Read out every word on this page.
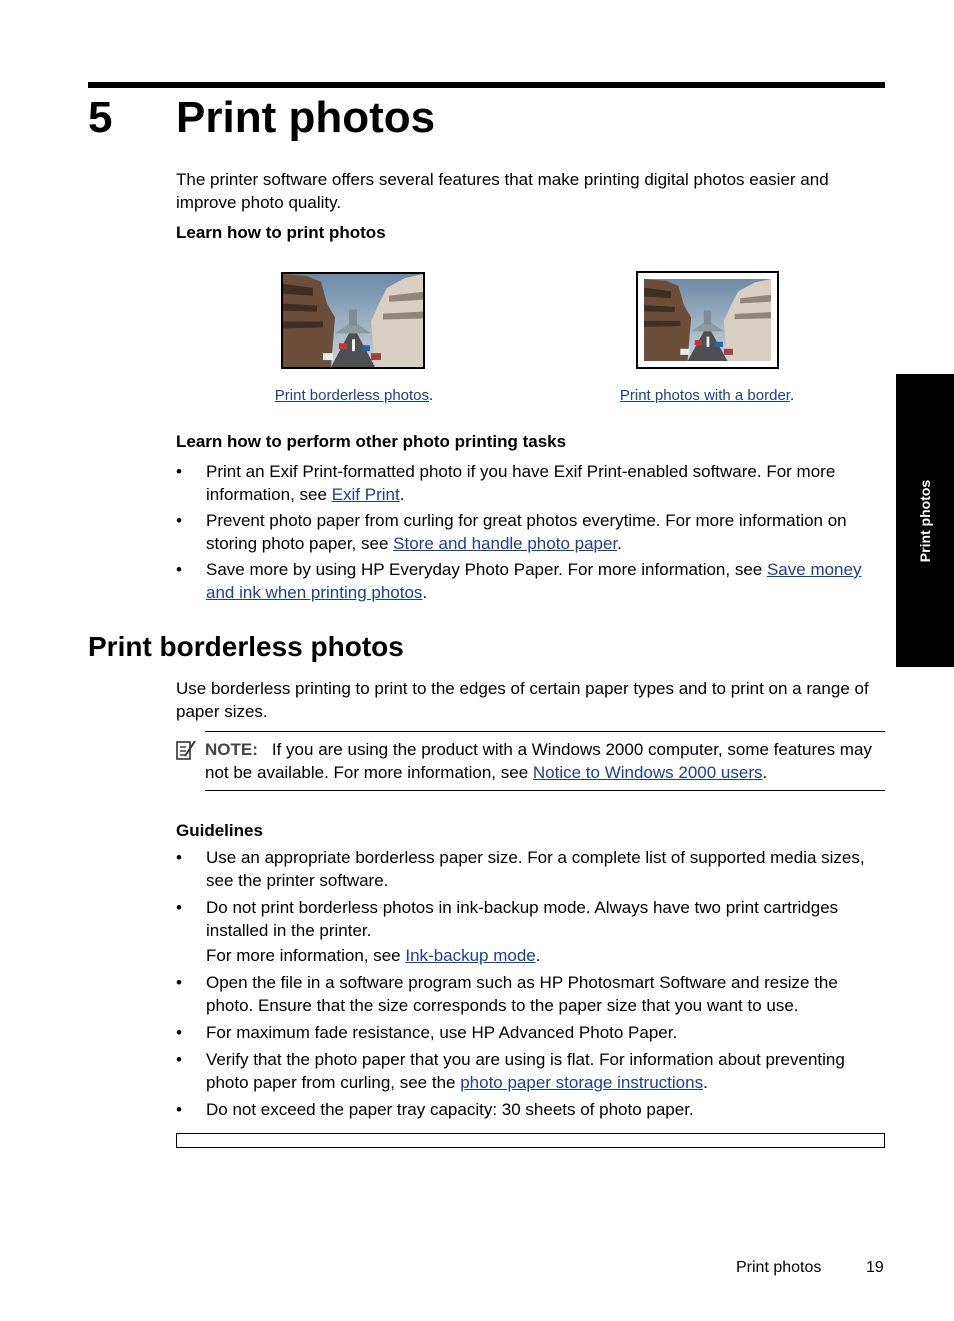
5 Print photos
The printer software offers several features that make printing digital photos easier and improve photo quality.
Learn how to print photos
Print borderless photos.	Print photos with a border.
Learn how to perform other photo printing tasks
• Print an Exif Print-formatted photo if you have Exif Print-enabled software. For more information, see Exif Print.
• Prevent photo paper from curling for great photos everytime. For more information on storing photo paper, see Store and handle photo paper.
• Save more by using HP Everyday Photo Paper. For more information, see Save money and ink when printing photos.
Print borderless photos
Use borderless printing to print to the edges of certain paper types and to print on a range of paper sizes.
NOTE: If you are using the product with a Windows 2000 computer, some features may not be available. For more information, see Notice to Windows 2000 users.
Guidelines
• Use an appropriate borderless paper size. For a complete list of supported media sizes, see the printer software.
• Do not print borderless photos in ink-backup mode. Always have two print cartridges installed in the printer.
For more information, see Ink-backup mode.
• Open the file in a software program such as HP Photosmart Software and resize the photo. Ensure that the size corresponds to the paper size that you want to use.
• For maximum fade resistance, use HP Advanced Photo Paper.
• Verify that the photo paper that you are using is flat. For information about preventing photo paper from curling, see the photo paper storage instructions.
• Do not exceed the paper tray capacity: 30 sheets of photo paper.
Print photos
Print photos	19
